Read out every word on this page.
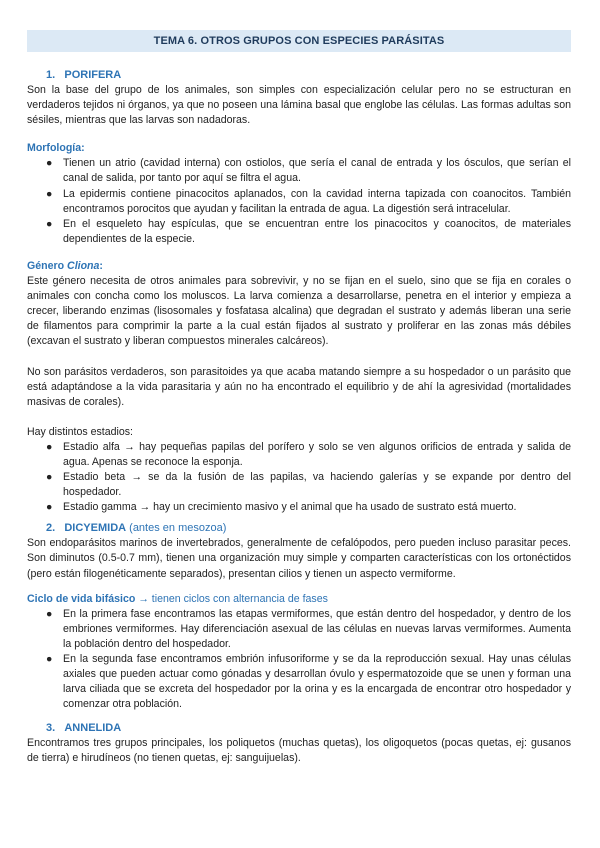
TEMA 6. OTROS GRUPOS CON ESPECIES PARÁSITAS
1. PORIFERA

Son la base del grupo de los animales, son simples con especialización celular pero no se estructuran en verdaderos tejidos ni órganos, ya que no poseen una lámina basal que englobe las células. Las formas adultas son sésiles, mientras que las larvas son nadadoras.

Morfología:
● Tienen un atrio (cavidad interna) con ostiolos, que sería el canal de entrada y los ósculos, que serían el canal de salida, por tanto por aquí se filtra el agua.
● La epidermis contiene pinacocitos aplanados, con la cavidad interna tapizada con coanocitos. También encontramos porocitos que ayudan y facilitan la entrada de agua. La digestión será intracelular.
● En el esqueleto hay espículas, que se encuentran entre los pinacocitos y coanocitos, de materiales dependientes de la especie.
Género Cliona:

Este género necesita de otros animales para sobrevivir, y no se fijan en el suelo, sino que se fija en corales o animales con concha como los moluscos. La larva comienza a desarrollarse, penetra en el interior y empieza a crecer, liberando enzimas (lisosomales y fosfatasa alcalina) que degradan el sustrato y además liberan una serie de filamentos para comprimir la parte a la cual están fijados al sustrato y proliferar en las zonas más débiles (excavan el sustrato y liberan compuestos minerales calcáreos).

No son parásitos verdaderos, son parasitoides ya que acaba matando siempre a su hospedador o un parásito que está adaptándose a la vida parasitaria y aún no ha encontrado el equilibrio y de ahí la agresividad (mortalidades masivas de corales).

Hay distintos estadios:

● Estadio alfa → hay pequeñas papilas del porífero y solo se ven algunos orificios de entrada y salida de agua. Apenas se reconoce la esponja.
● Estadio beta → se da la fusión de las papilas, va haciendo galerías y se expande por dentro del hospedador.
● Estadio gamma → hay un crecimiento masivo y el animal que ha usado de sustrato está muerto.
2. DICYEMIDA (antes en mesozoa)

Son endoparásitos marinos de invertebrados, generalmente de cefalópodos, pero pueden incluso parasitar peces. Son diminutos (0.5-0.7 mm), tienen una organización muy simple y comparten características con los ortonéctidos (pero están filogenéticamente separados), presentan cilios y tienen un aspecto vermiforme.

Ciclo de vida bifásico → tienen ciclos con alternancia de fases
● En la primera fase encontramos las etapas vermiformes, que están dentro del hospedador, y dentro de los embriones vermiformes. Hay diferenciación asexual de las células en nuevas larvas vermiformes. Aumenta la población dentro del hospedador.
● En la segunda fase encontramos embrión infusoriforme y se da la reproducción sexual. Hay unas células axiales que pueden actuar como gónadas y desarrollan óvulo y espermatozoide que se unen y forman una larva ciliada que se excreta del hospedador por la orina y es la encargada de encontrar otro hospedador y comenzar otra población.
3. ANNELIDA

Encontramos tres grupos principales, los poliquetos (muchas quetas), los oligoquetos (pocas quetas, ej: gusanos de tierra) e hirudíneos (no tienen quetas, ej: sanguijuelas).
